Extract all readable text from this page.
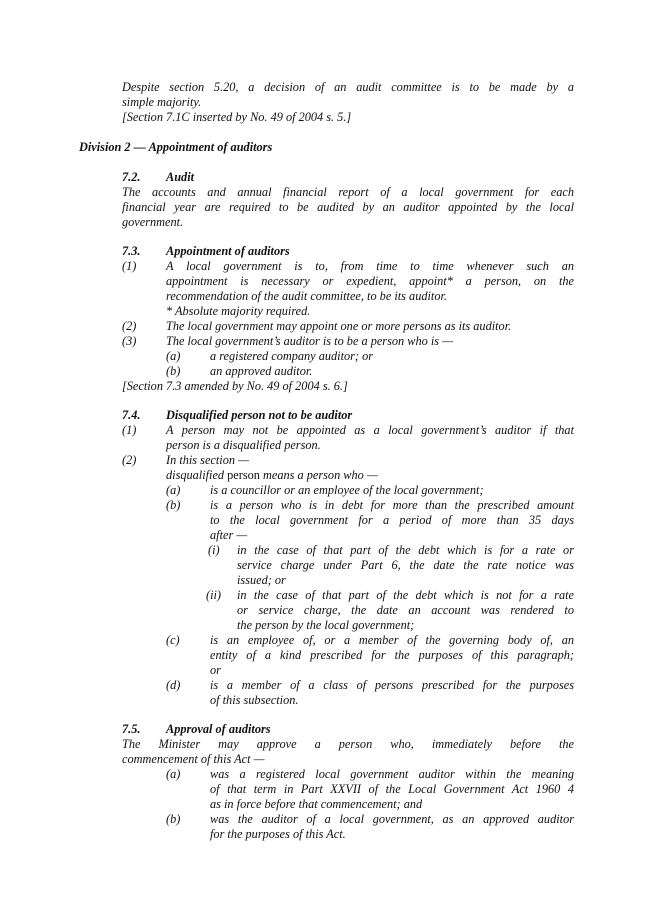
Despite section 5.20, a decision of an audit committee is to be made by a
simple majority.
[Section 7.1C inserted by No. 49 of 2004 s. 5.]
Division 2 — Appointment of auditors
7.2. Audit
The accounts and annual financial report of a local government for each
financial year are required to be audited by an auditor appointed by the local
government.
7.3. Appointment of auditors
(1) A local government is to, from time to time whenever such an
appointment is necessary or expedient, appoint* a person, on the
recommendation of the audit committee, to be its auditor.
* Absolute majority required.
(2) The local government may appoint one or more persons as its auditor.
(3) The local government’s auditor is to be a person who is —
(a) a registered company auditor; or
(b) an approved auditor.
[Section 7.3 amended by No. 49 of 2004 s. 6.]
7.4. Disqualified person not to be auditor
(1) A person may not be appointed as a local government’s auditor if that
person is a disqualified person.
(2) In this section —
disqualified person means a person who —
(a) is a councillor or an employee of the local government;
(b) is a person who is in debt for more than the prescribed amount
to the local government for a period of more than 35 days
after —
(i) in the case of that part of the debt which is for a rate or
service charge under Part 6, the date the rate notice was
issued; or
(ii) in the case of that part of the debt which is not for a rate
or service charge, the date an account was rendered to
the person by the local government;
(c) is an employee of, or a member of the governing body of, an
entity of a kind prescribed for the purposes of this paragraph;
or
(d) is a member of a class of persons prescribed for the purposes
of this subsection.
7.5. Approval of auditors
The Minister may approve a person who, immediately before the
commencement of this Act —
(a) was a registered local government auditor within the meaning
of that term in Part XXVII of the Local Government Act 1960 4
as in force before that commencement; and
(b) was the auditor of a local government, as an approved auditor
for the purposes of this Act.
